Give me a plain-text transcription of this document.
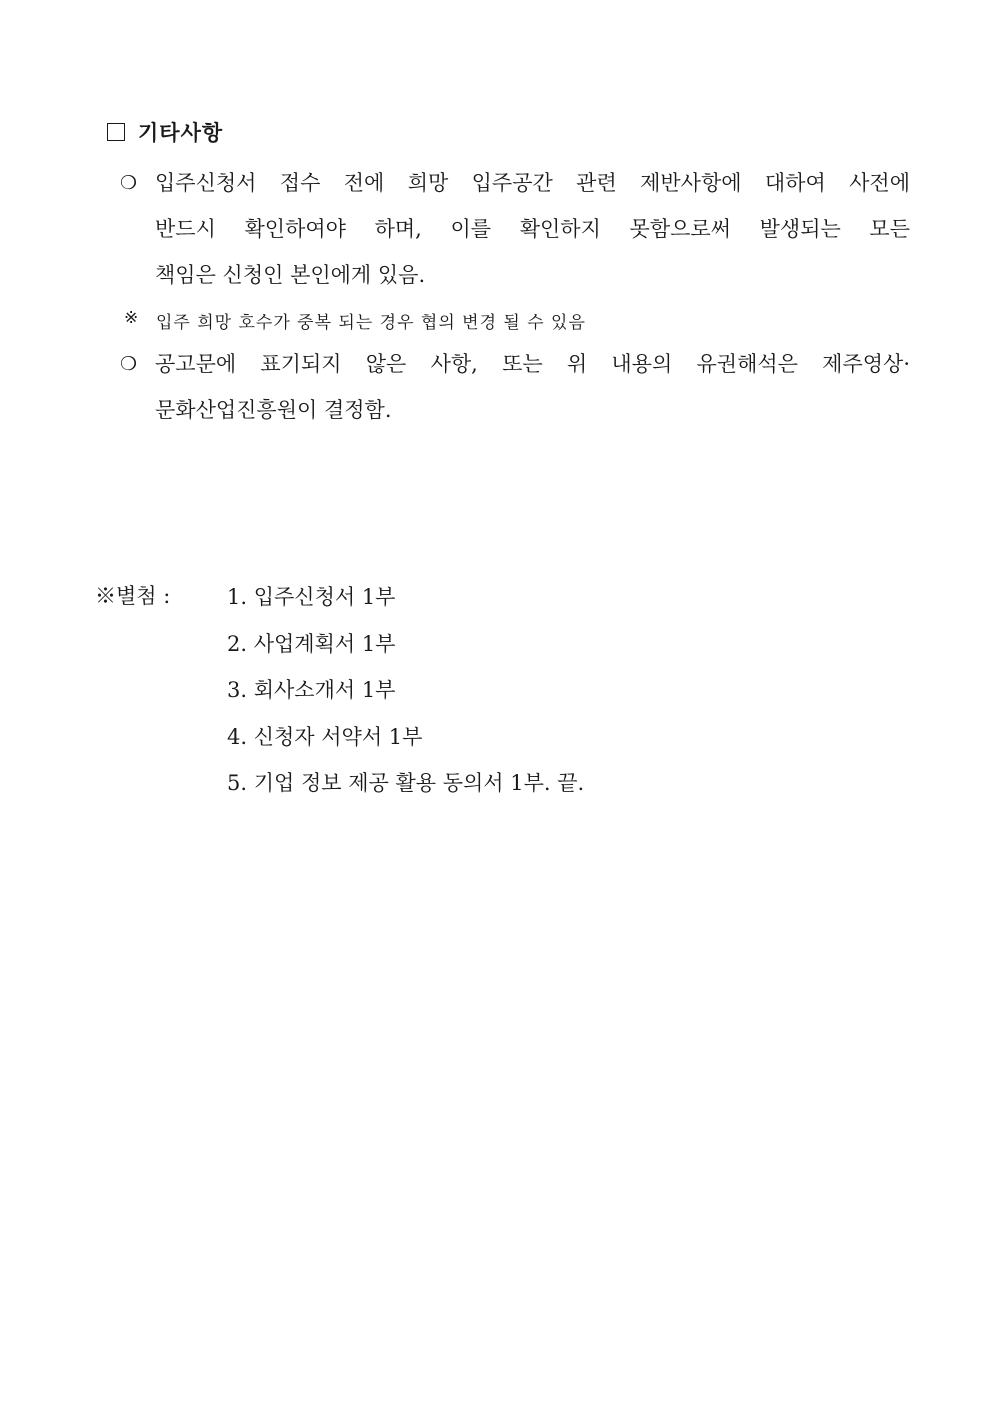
기타사항
❍ 입주신청서 접수 전에 희망 입주공간 관련 제반사항에 대하여 사전에
반드시 확인하여야 하며, 이를 확인하지 못함으로써 발생되는 모든
책임은 신청인 본인에게 있음.
※ 입주 희망 호수가 중복 되는 경우 협의 변경 될 수 있음
❍ 공고문에 표기되지 않은 사항, 또는 위 내용의 유권해석은 제주영상·
문화산업진흥원이 결정함.
※별첨 :	1. 입주신청서 1부
2. 사업계획서 1부
3. 회사소개서 1부
4. 신청자 서약서 1부
5. 기업 정보 제공 활용 동의서 1부. 끝.
